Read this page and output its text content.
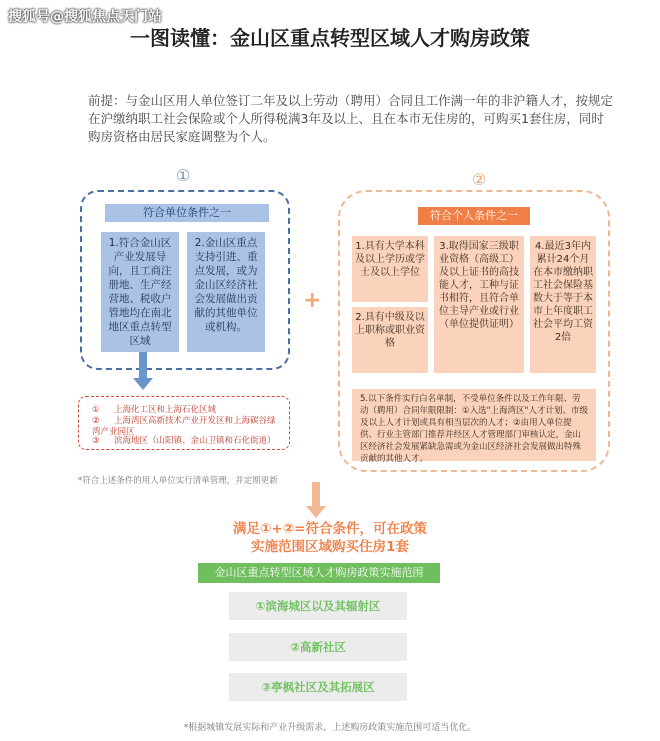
搜狐号@搜狐焦点天门站
一图读懂：金山区重点转型区域人才购房政策
前提：与金山区用人单位签订二年及以上劳动（聘用）合同且工作满一年的非沪籍人才，按规定在沪缴纳职工社会保险或个人所得税满3年及以上、且在本市无住房的，可购买1套住房，同时购房资格由居民家庭调整为个人。
①
符合单位条件之一
1.符合金山区产业发展导向，且工商注册地、生产经营地、税收户管地均在南北地区重点转型区域
2.金山区重点支持引进、重点发展，或为金山区经济社会发展做出贡献的其他单位或机构。
① 上海化工区和上海石化区域
② 上海湾区高新技术产业开发区和上海碳谷绿湾产业园区
③ 滨海地区（山阳镇、金山卫镇和石化街道）
*符合上述条件的用人单位实行清单管理，并定期更新
+
②
符合个人条件之一
1.具有大学本科及以上学历或学士及以上学位
2.具有中级及以上职称或职业资格
3.取得国家三级职业资格（高级工）及以上证书的高技能人才，工种与证书相符，且符合单位主导产业或行业（单位提供证明）
4.最近3年内累计24个月在本市缴纳职工社会保险基数大于等于本市上年度职工社会平均工资2倍
5.以下条件实行白名单制，不受单位条件以及工作年限、劳动（聘用）合同年限限制：①入选"上海湾区"人才计划、市级及以上人才计划或具有相当层次的人才；②由用人单位提供、行业主管部门推荐并经区人才管理部门审核认定，金山区经济社会发展紧缺急需或为金山区经济社会发展做出特殊贡献的其他人才。
满足①+②=符合条件，可在政策
实施范围区域购买住房1套
金山区重点转型区域人才购房政策实施范围
①滨海城区以及其辐射区
②高新社区
③亭枫社区及其拓展区
*根据城镇发展实际和产业升级需求，上述购房政策实施范围可适当优化。
